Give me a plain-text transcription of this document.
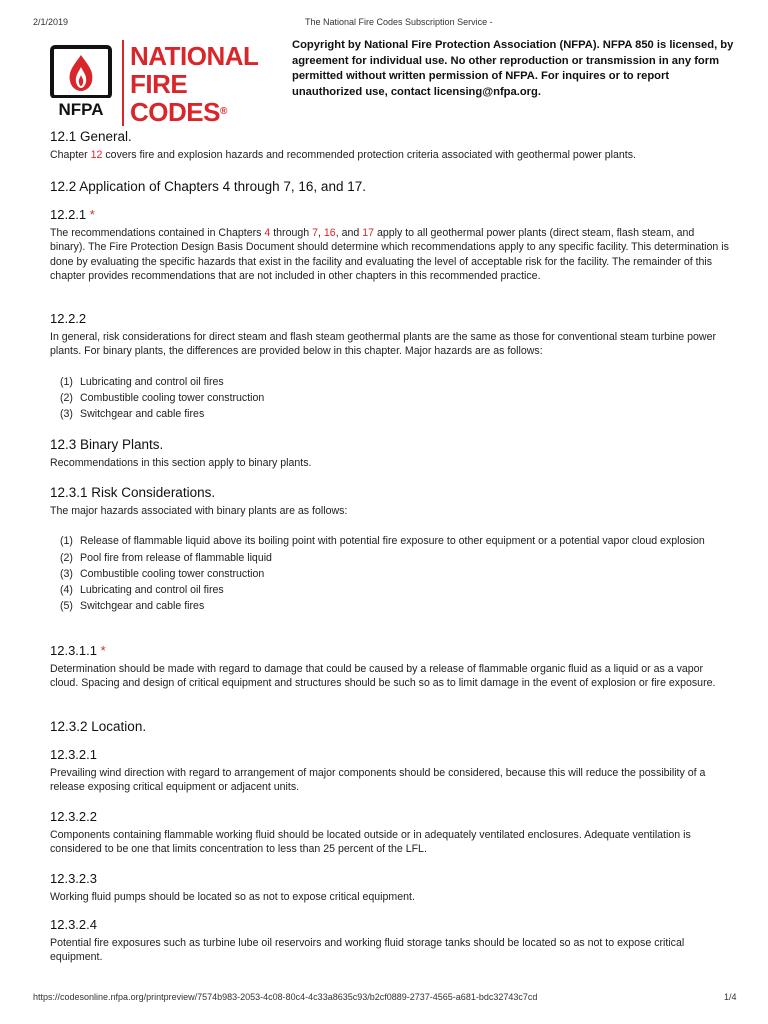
2/1/2019	The National Fire Codes Subscription Service -
NFPA
NATIONAL
FIRE CODES®
Copyright by National Fire Protection Association (NFPA). NFPA 850 is licensed, by agreement for individual use. No other reproduction or transmission in any form permitted without written permission of NFPA. For inquires or to report unauthorized use, contact licensing@nfpa.org.
12.1 General.

Chapter 12 covers fire and explosion hazards and recommended protection criteria associated with geothermal power plants.

12.2 Application of Chapters 4 through 7, 16, and 17.
12.2.1 *

The recommendations contained in Chapters 4 through 7, 16, and 17 apply to all geothermal power plants (direct steam, flash steam, and binary). The Fire Protection Design Basis Document should determine which recommendations apply to any specific facility. This determination is done by evaluating the specific hazards that exist in the facility and evaluating the level of acceptable risk for the facility. The remainder of this chapter provides recommendations that are not included in other chapters in this recommended practice.

12.2.2

In general, risk considerations for direct steam and flash steam geothermal plants are the same as those for conventional steam turbine power plants. For binary plants, the differences are provided below in this chapter. Major hazards are as follows:

(1) Lubricating and control oil fires
(2) Combustible cooling tower construction
(3) Switchgear and cable fires
12.3 Binary Plants.

Recommendations in this section apply to binary plants.

12.3.1 Risk Considerations.

The major hazards associated with binary plants are as follows:

(1) Release of flammable liquid above its boiling point with potential fire exposure to other equipment or a potential vapor cloud explosion
(2) Pool fire from release of flammable liquid
(3) Combustible cooling tower construction
(4) Lubricating and control oil fires
(5) Switchgear and cable fires
12.3.1.1 *

Determination should be made with regard to damage that could be caused by a release of flammable organic fluid as a liquid or as a vapor cloud. Spacing and design of critical equipment and structures should be such so as to limit damage in the event of explosion or fire exposure.

12.3.2 Location.
12.3.2.1

Prevailing wind direction with regard to arrangement of major components should be considered, because this will reduce the possibility of a release exposing critical equipment or adjacent units.

12.3.2.2

Components containing flammable working fluid should be located outside or in adequately ventilated enclosures. Adequate ventilation is considered to be one that limits concentration to less than 25 percent of the LFL.

12.3.2.3

Working fluid pumps should be located so as not to expose critical equipment.

12.3.2.4

Potential fire exposures such as turbine lube oil reservoirs and working fluid storage tanks should be located so as not to expose critical equipment.

https://codesonline.nfpa.org/printpreview/7574b983-2053-4c08-80c4-4c33a8635c93/b2cf0889-2737-4565-a681-bdc32743c7cd	1/4
